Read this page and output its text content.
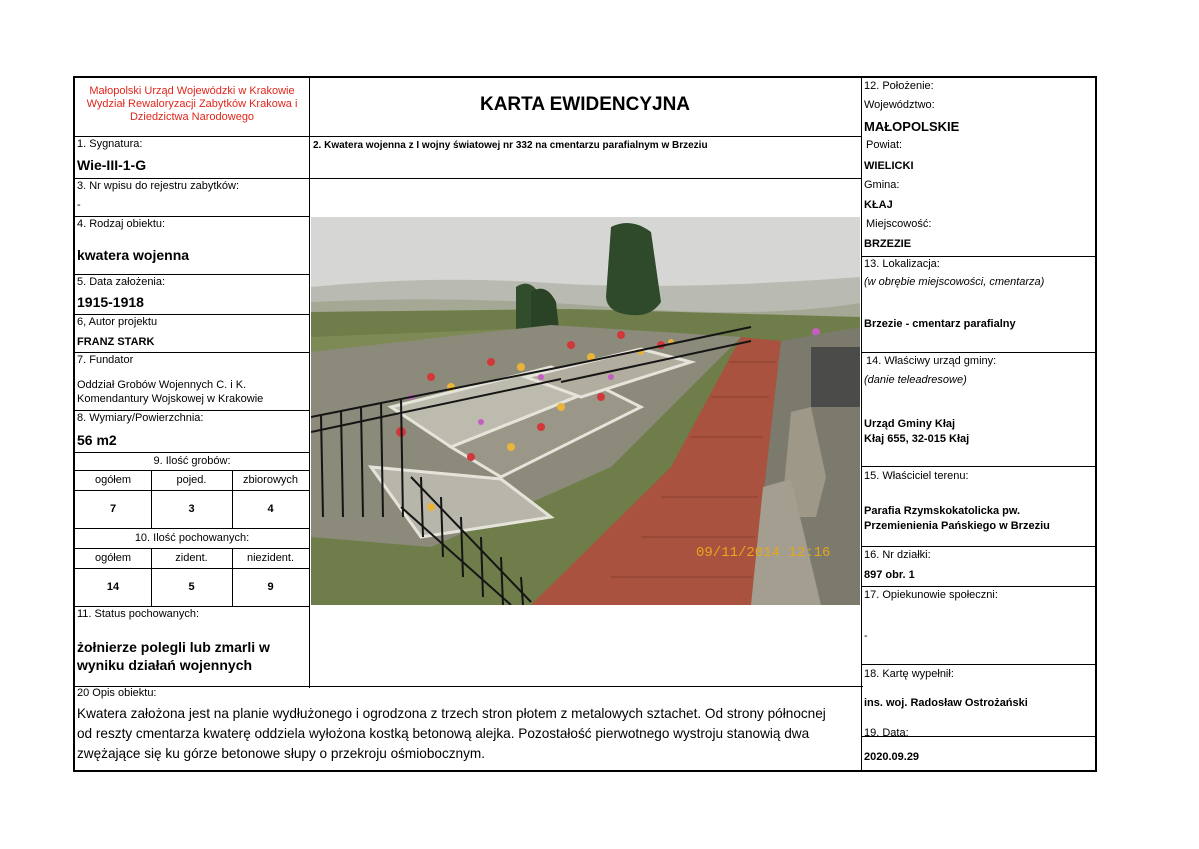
Małopolski Urząd Wojewódzki w Krakowie
Wydział Rewaloryzacji Zabytków Krakowa i
Dziedzictwa Narodowego
KARTA EWIDENCYJNA
1. Sygnatura:
Wie-III-1-G
3. Nr wpisu do rejestru zabytków:
-
4. Rodzaj obiektu:
kwatera wojenna
5. Data założenia:
1915-1918
6, Autor projektu
FRANZ STARK
7. Fundator
Oddział Grobów Wojennych C. i K.
Komendantury Wojskowej w Krakowie
8. Wymiary/Powierzchnia:
56 m2
9. Ilość grobów:
ogółem	pojed.	zbiorowych
7	3	4
10. Ilość pochowanych:
ogółem	zident.	niezident.
14	5	9
11. Status pochowanych:
żołnierze polegli lub zmarli w
wyniku działań wojennych
2. Kwatera wojenna z I wojny światowej nr 332 na cmentarzu parafialnym w Brzeziu
09/11/2014 12:16
12. Położenie:
Województwo:
MAŁOPOLSKIE
Powiat:
WIELICKI
Gmina:
KŁAJ
Miejscowość:
BRZEZIE
13. Lokalizacja:
(w obrębie miejscowości, cmentarza)
Brzezie - cmentarz parafialny
14. Właściwy urząd gminy:
(danie teleadresowe)
Urząd Gminy Kłaj
Kłaj 655, 32-015 Kłaj
15. Właściciel terenu:
Parafia Rzymskokatolicka pw.
Przemienienia Pańskiego w Brzeziu
16. Nr działki:
897 obr. 1
17. Opiekunowie społeczni:
-
18. Kartę wypełnił:
ins. woj. Radosław Ostrożański
19. Data:
2020.09.29
20 Opis obiektu:
Kwatera założona jest na planie wydłużonego i ogrodzona z trzech stron płotem z metalowych sztachet. Od strony północnej
od reszty cmentarza kwaterę oddziela wyłożona kostką betonową alejka. Pozostałość pierwotnego wystroju stanowią dwa
zwężające się ku górze betonowe słupy o przekroju ośmiobocznym.
